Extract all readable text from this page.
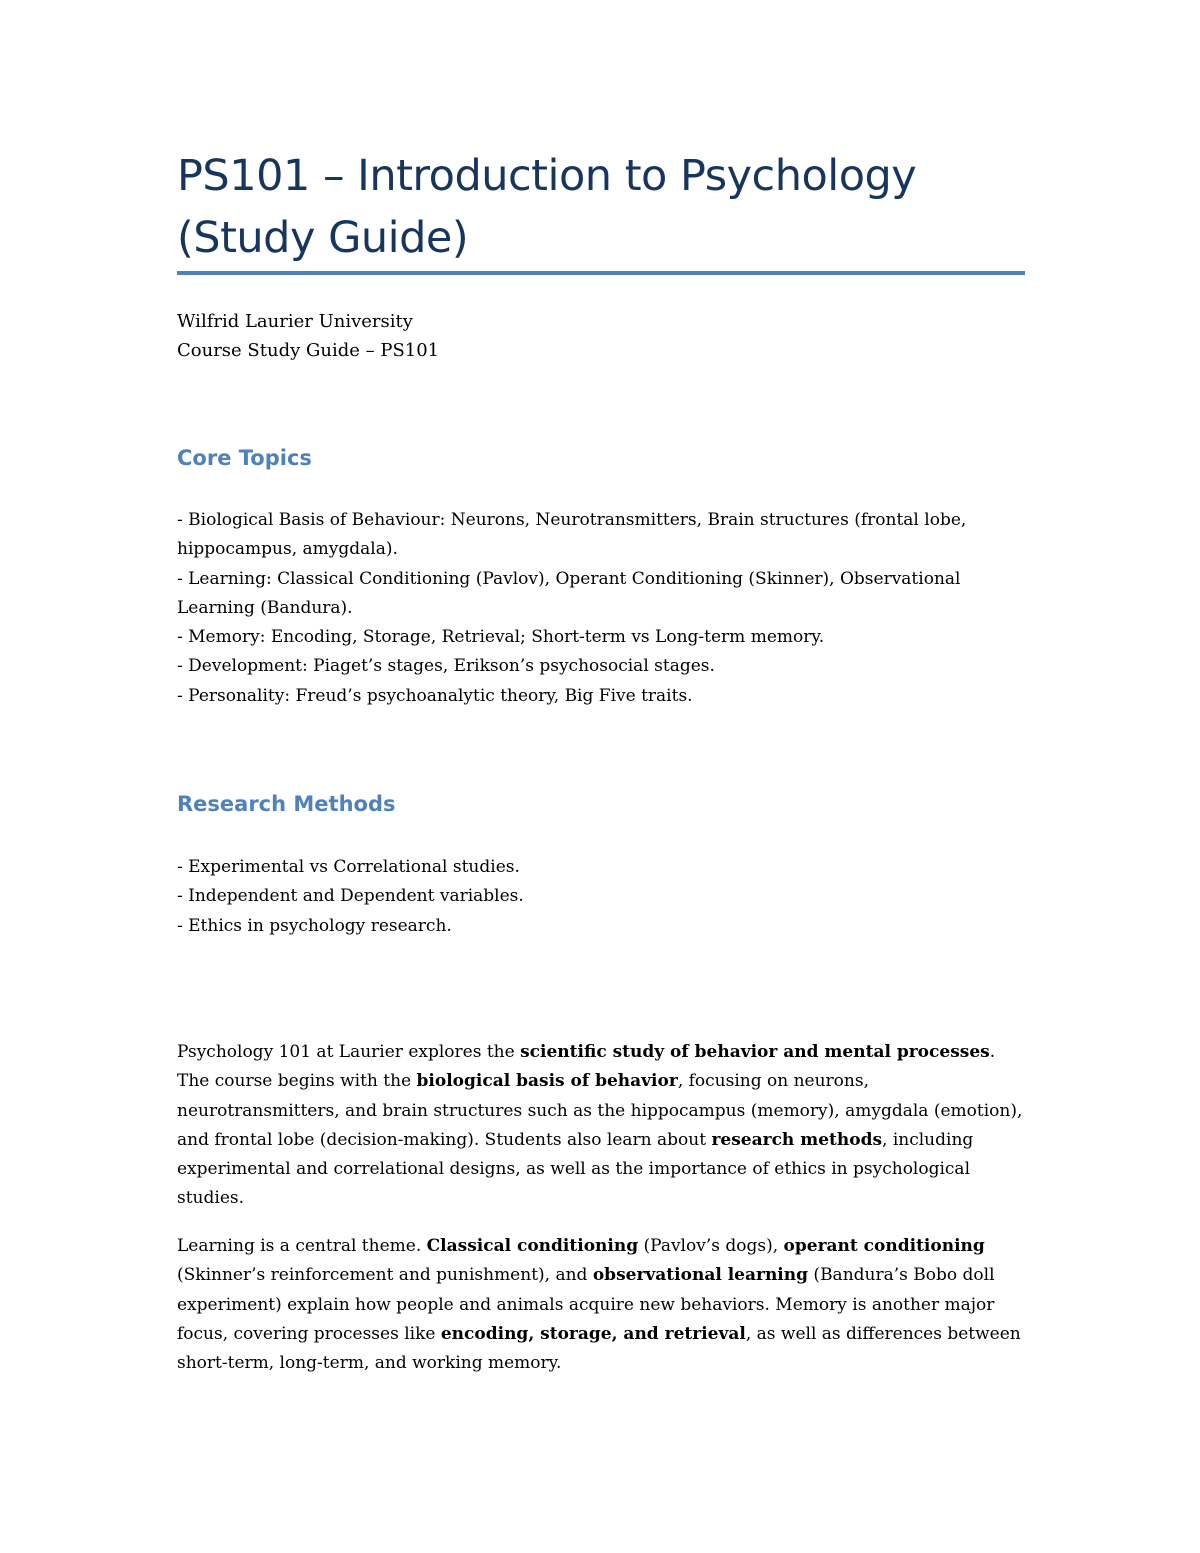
PS101 – Introduction to Psychology
(Study Guide)
Wilfrid Laurier University
Course Study Guide – PS101
Core Topics
- Biological Basis of Behaviour: Neurons, Neurotransmitters, Brain structures (frontal lobe, hippocampus, amygdala).
- Learning: Classical Conditioning (Pavlov), Operant Conditioning (Skinner), Observational Learning (Bandura).
- Memory: Encoding, Storage, Retrieval; Short-term vs Long-term memory.
- Development: Piaget’s stages, Erikson’s psychosocial stages.
- Personality: Freud’s psychoanalytic theory, Big Five traits.
Research Methods
- Experimental vs Correlational studies.
- Independent and Dependent variables.
- Ethics in psychology research.

Psychology 101 at Laurier explores the scientific study of behavior and mental processes. The course begins with the biological basis of behavior, focusing on neurons, neurotransmitters, and brain structures such as the hippocampus (memory), amygdala (emotion), and frontal lobe (decision-making). Students also learn about research methods, including experimental and correlational designs, as well as the importance of ethics in psychological studies.

Learning is a central theme. Classical conditioning (Pavlov’s dogs), operant conditioning (Skinner’s reinforcement and punishment), and observational learning (Bandura’s Bobo doll experiment) explain how people and animals acquire new behaviors. Memory is another major focus, covering processes like encoding, storage, and retrieval, as well as differences between short-term, long-term, and working memory.
